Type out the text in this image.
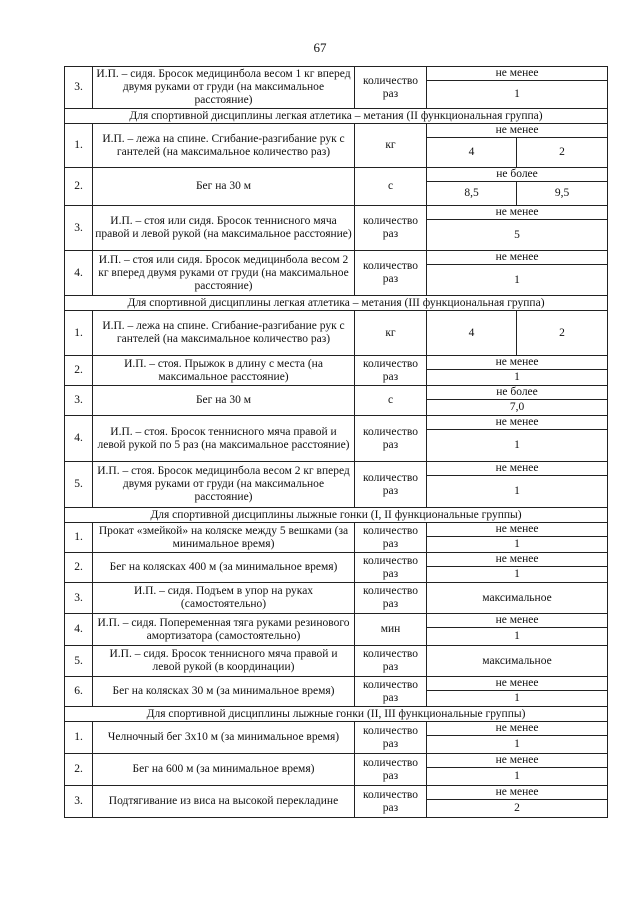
67
3.	И.П. – сидя. Бросок медицинбола весом 1 кг вперед двумя руками от груди (на максимальное расстояние)	количество раз	не менее	
			1	
Для спортивной дисциплины легкая атлетика – метания (II функциональная группа)				
1.	И.П. – лежа на спине. Сгибание-разгибание рук с гантелей (на максимальное количество раз)	кг	не менее	
			4	2
2.	Бег на 30 м	с	не более	
			8,5	9,5
3.	И.П. – стоя или сидя. Бросок теннисного мяча правой и левой рукой (на максимальное расстояние)	количество раз	не менее	
			5	
4.	И.П. – стоя или сидя. Бросок медицинбола весом 2 кг вперед двумя руками от груди (на максимальное расстояние)	количество раз	не менее	
			1	
Для спортивной дисциплины легкая атлетика – метания (III функциональная группа)				
1.	И.П. – лежа на спине. Сгибание-разгибание рук с гантелей (на максимальное количество раз)	кг	4	2
2.	И.П. – стоя. Прыжок в длину с места (на максимальное расстояние)	количество раз	не менее	
			1	
3.	Бег на 30 м	с	не более	
			7,0	
4.	И.П. – стоя. Бросок теннисного мяча правой и левой рукой по 5 раз (на максимальное расстояние)	количество раз	не менее	
			1	
5.	И.П. – стоя. Бросок медицинбола весом 2 кг вперед двумя руками от груди (на максимальное расстояние)	количество раз	не менее	
			1	
Для спортивной дисциплины лыжные гонки (I, II функциональные группы)				
1.	Прокат «змейкой» на коляске между 5 вешками (за минимальное время)	количество раз	не менее	
			1	
2.	Бег на колясках 400 м (за минимальное время)	количество раз	не менее	
			1	
3.	И.П. – сидя. Подъем в упор на руках (самостоятельно)	количество раз	максимальное	
4.	И.П. – сидя. Попеременная тяга руками резинового амортизатора (самостоятельно)	мин	не менее	
			1	
5.	И.П. – сидя. Бросок теннисного мяча правой и левой рукой (в координации)	количество раз	максимальное	
6.	Бег на колясках 30 м (за минимальное время)	количество раз	не менее	
			1	
Для спортивной дисциплины лыжные гонки (II, III функциональные группы)				
1.	Челночный бег 3x10 м (за минимальное время)	количество раз	не менее	
			1	
2.	Бег на 600 м (за минимальное время)	количество раз	не менее	
			1	
3.	Подтягивание из виса на высокой перекладине	количество раз	не менее	
			2	
